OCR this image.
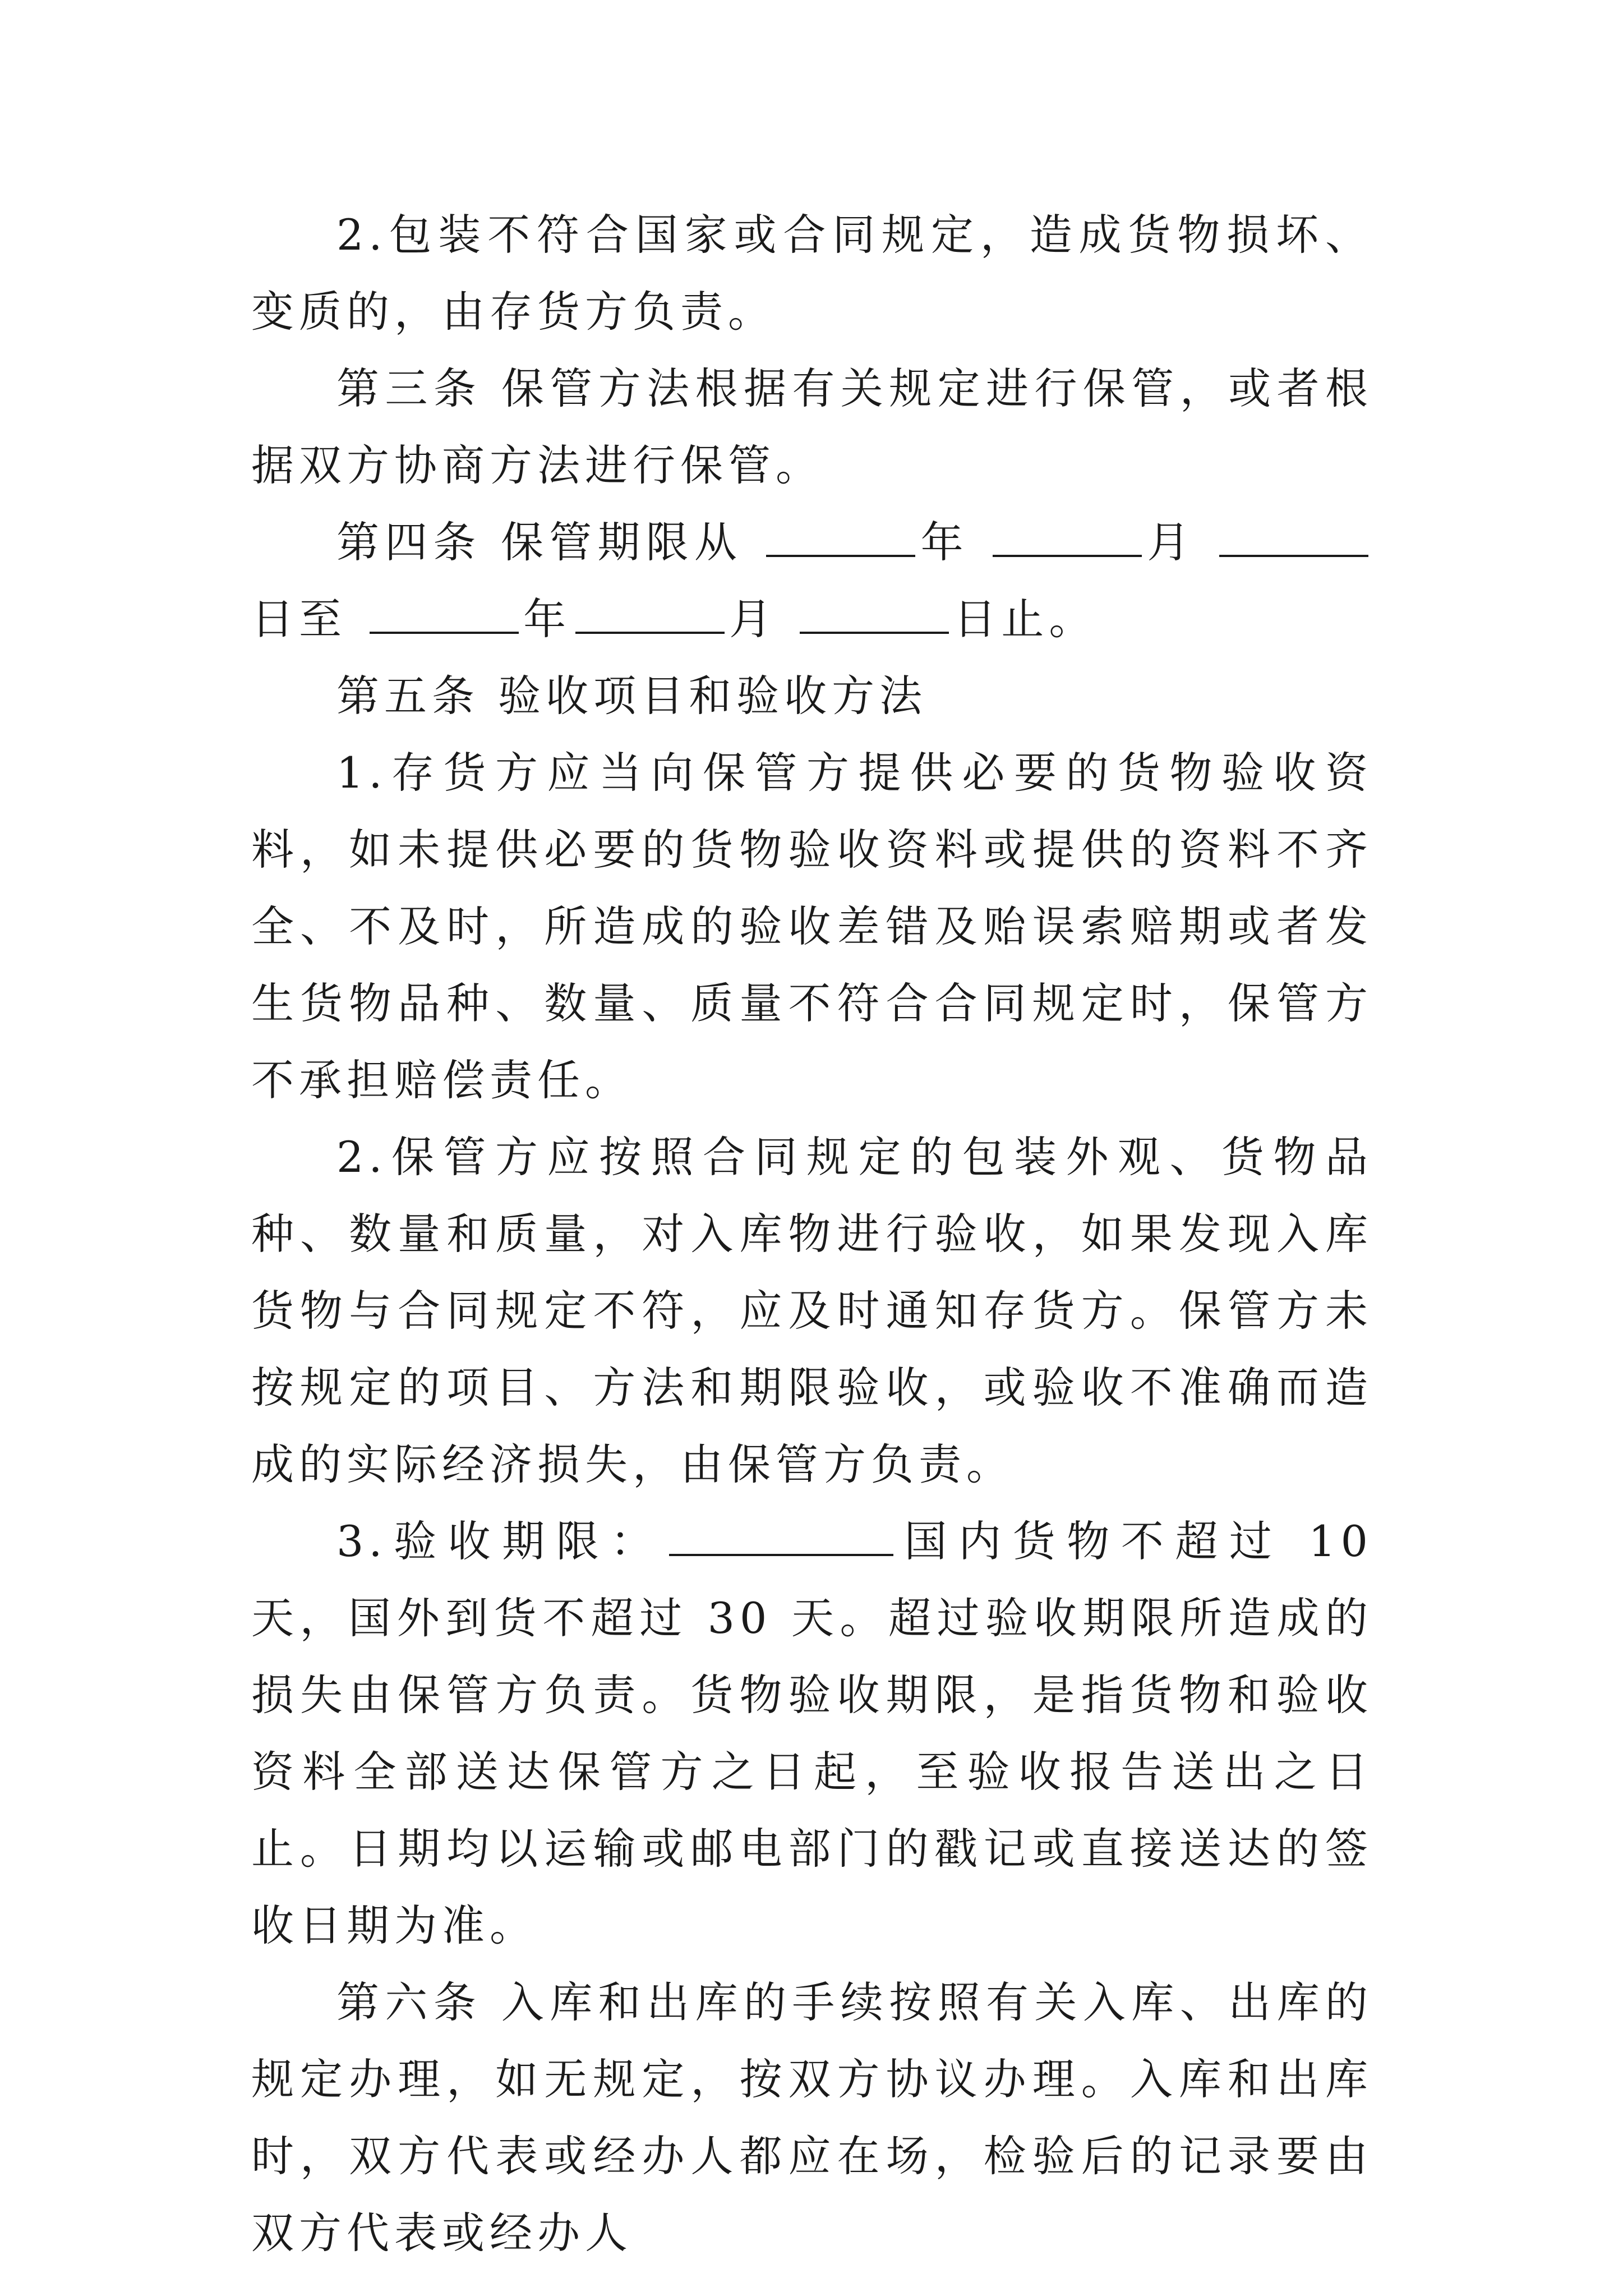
2.包装不符合国家或合同规定，造成货物损坏、变质的，由存货方负责。

第三条 保管方法根据有关规定进行保管，或者根据双方协商方法进行保管。

第四条 保管期限从	年	月 日至	年	月	日止。

第五条 验收项目和验收方法

1.存货方应当向保管方提供必要的货物验收资料，如未提供必要的货物验收资料或提供的资料不齐全、不及时，所造成的验收差错及贻误索赔期或者发生货物品种、数量、质量不符合合同规定时，保管方不承担赔偿责任。

2.保管方应按照合同规定的包装外观、货物品种、数量和质量，对入库物进行验收，如果发现入库货物与合同规定不符，应及时通知存货方。保管方未按规定的项目、方法和期限验收，或验收不准确而造成的实际经济损失，由保管方负责。

3.验收期限：	国内货物不超过 10 天，国外到货不超过 30 天。超过验收期限所造成的损失由保管方负责。货物验收期限，是指货物和验收资料全部送达保管方之日起，至验收报告送出之日止。日期均以运输或邮电部门的戳记或直接送达的签收日期为准。

第六条 入库和出库的手续按照有关入库、出库的规定办理，如无规定，按双方协议办理。入库和出库时，双方代表或经办人都应在场，检验后的记录要由双方代表或经办人
